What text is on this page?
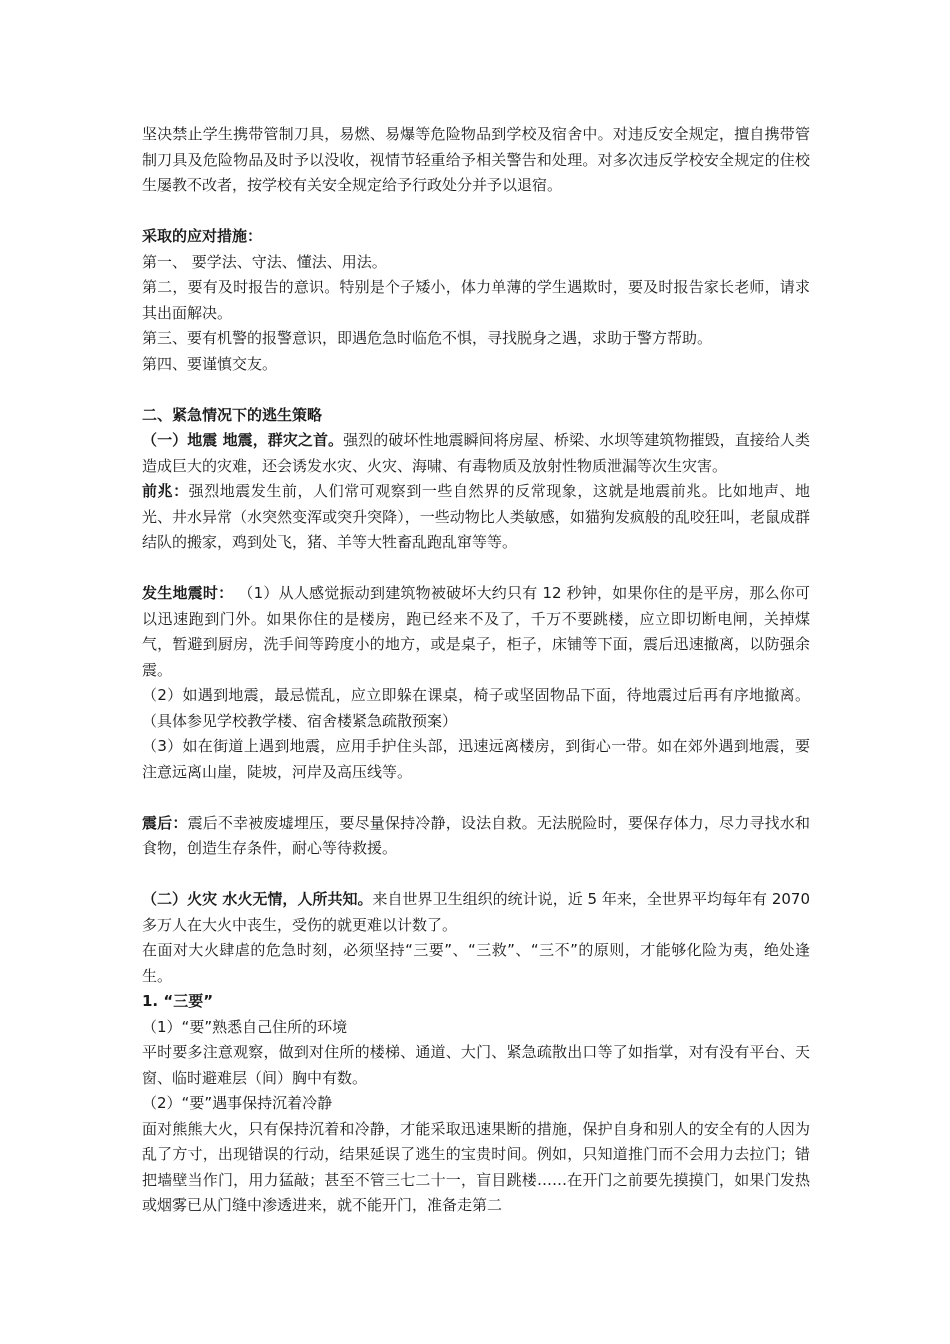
坚决禁止学生携带管制刀具，易燃、易爆等危险物品到学校及宿舍中。对违反安全规定，擅自携带管制刀具及危险物品及时予以没收，视情节轻重给予相关警告和处理。对多次违反学校安全规定的住校生屡教不改者，按学校有关安全规定给予行政处分并予以退宿。

采取的应对措施：

第一、 要学法、守法、懂法、用法。

第二，要有及时报告的意识。特别是个子矮小，体力单薄的学生遇欺时，要及时报告家长老师，请求其出面解决。

第三、要有机警的报警意识，即遇危急时临危不惧，寻找脱身之遇，求助于警方帮助。

第四、要谨慎交友。

二、紧急情况下的逃生策略

（一）地震 地震，群灾之首。强烈的破坏性地震瞬间将房屋、桥梁、水坝等建筑物摧毁，直接给人类造成巨大的灾难，还会诱发水灾、火灾、海啸、有毒物质及放射性物质泄漏等次生灾害。

前兆：强烈地震发生前，人们常可观察到一些自然界的反常现象，这就是地震前兆。比如地声、地光、井水异常（水突然变浑或突升突降），一些动物比人类敏感，如猫狗发疯般的乱咬狂叫，老鼠成群结队的搬家，鸡到处飞，猪、羊等大牲畜乱跑乱窜等等。

发生地震时： （1）从人感觉振动到建筑物被破坏大约只有 12 秒钟，如果你住的是平房，那么你可以迅速跑到门外。如果你住的是楼房，跑已经来不及了，千万不要跳楼，应立即切断电闸，关掉煤气，暂避到厨房，洗手间等跨度小的地方，或是桌子，柜子，床铺等下面，震后迅速撤离，以防强余震。

（2）如遇到地震，最忌慌乱，应立即躲在课桌，椅子或坚固物品下面，待地震过后再有序地撤离。（具体参见学校教学楼、宿舍楼紧急疏散预案）

（3）如在街道上遇到地震，应用手护住头部，迅速远离楼房，到街心一带。如在郊外遇到地震，要注意远离山崖，陡坡，河岸及高压线等。

震后：震后不幸被废墟埋压，要尽量保持冷静，设法自救。无法脱险时，要保存体力，尽力寻找水和食物，创造生存条件，耐心等待救援。

（二）火灾 水火无情，人所共知。来自世界卫生组织的统计说，近 5 年来，全世界平均每年有 2070 多万人在大火中丧生，受伤的就更难以计数了。

在面对大火肆虐的危急时刻，必须坚持“三要”、“三救”、“三不”的原则，才能够化险为夷，绝处逢生。

1. “三要”

（1）“要”熟悉自己住所的环境

平时要多注意观察，做到对住所的楼梯、通道、大门、紧急疏散出口等了如指掌，对有没有平台、天窗、临时避难层（间）胸中有数。

（2）“要”遇事保持沉着冷静

面对熊熊大火，只有保持沉着和冷静，才能采取迅速果断的措施，保护自身和别人的安全有的人因为乱了方寸，出现错误的行动，结果延误了逃生的宝贵时间。例如，只知道推门而不会用力去拉门；错把墙壁当作门，用力猛敲；甚至不管三七二十一，盲目跳楼……在开门之前要先摸摸门，如果门发热或烟雾已从门缝中渗透进来，就不能开门，准备走第二
